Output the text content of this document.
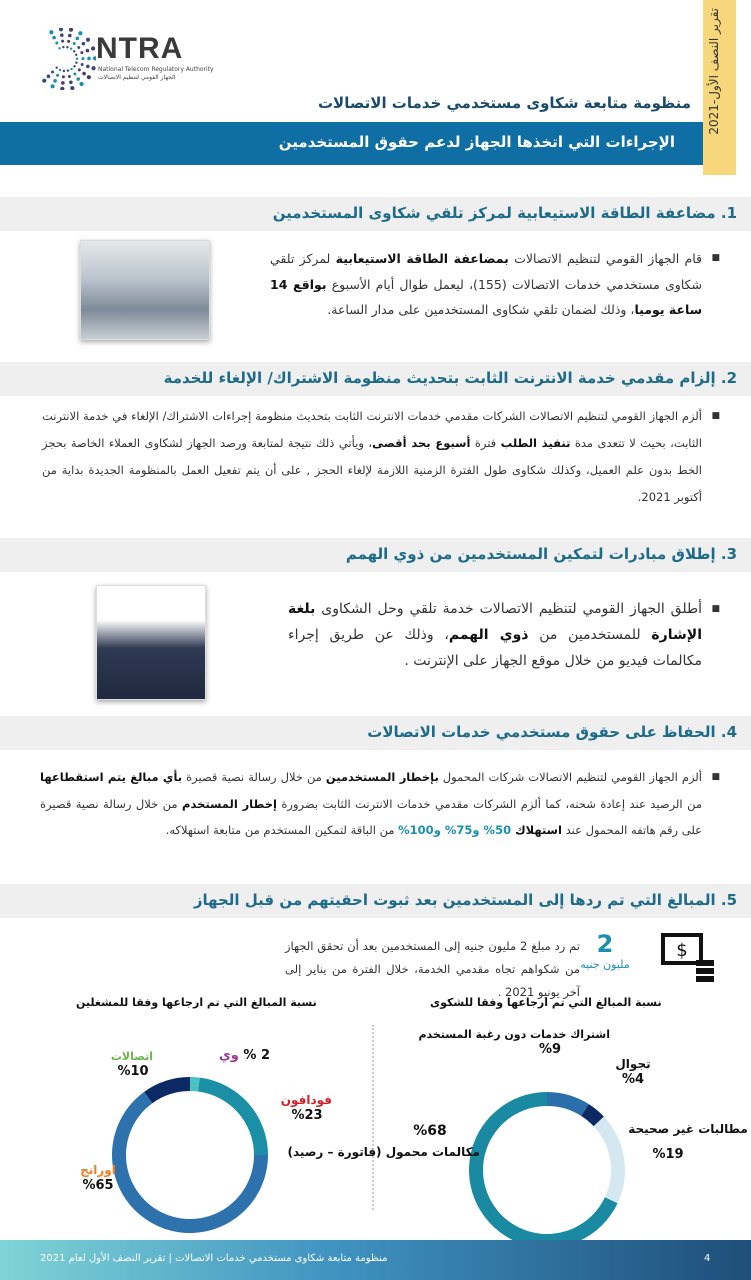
تقرير النصف الأول-2021
NTRA
National Telecom Regulatory Authority
الجهاز القومي لتنظيم الاتصالات
منظومة متابعة شكاوى مستخدمي خدمات الاتصالات
الإجراءات التي اتخذها الجهاز لدعم حقوق المستخدمين
1. مضاعفة الطاقة الاستيعابية لمركز تلقي شكاوى المستخدمين
■
قام الجهاز القومي لتنظيم الاتصالات بمضاعفة الطاقة الاستيعابية لمركز تلقي شكاوى مستخدمي خدمات الاتصالات (155)، ليعمل طوال أيام الأسبوع بواقع 14 ساعة يوميا، وذلك لضمان تلقي شكاوى المستخدمين على مدار الساعة.
2. إلزام مقدمي خدمة الانترنت الثابت بتحديث منظومة الاشتراك/ الإلغاء للخدمة
■
ألزم الجهاز القومي لتنظيم الاتصالات الشركات مقدمي خدمات الانترنت الثابت بتحديث منظومة إجراءات الاشتراك/ الإلغاء في خدمة الانترنت الثابت، بحيث لا تتعدى مدة تنفيذ الطلب فترة أسبوع بحد أقصى، ويأتي ذلك نتيجة لمتابعة ورصد الجهاز لشكاوى العملاء الخاصة بحجز الخط بدون علم العميل، وكذلك شكاوى طول الفترة الزمنية اللازمة لإلغاء الحجز , على أن يتم تفعيل العمل بالمنظومة الجديدة بداية من أكتوبر 2021.
3. إطلاق مبادرات لتمكين المستخدمين من ذوي الهمم
■
أطلق الجهاز القومي لتنظيم الاتصالات خدمة تلقي وحل الشكاوى بلغة الإشارة للمستخدمين من ذوي الهمم، وذلك عن طريق إجراء مكالمات فيديو من خلال موقع الجهاز على الإنترنت .
4. الحفاظ على حقوق مستخدمي خدمات الاتصالات
■
ألزم الجهاز القومي لتنظيم الاتصالات شركات المحمول بإخطار المستخدمين من خلال رسالة نصية قصيرة بأي مبالغ يتم استقطاعها من الرصيد عند إعادة شحنه، كما ألزم الشركات مقدمي خدمات الانترنت الثابت بضرورة إخطار المستخدم من خلال رسالة نصية قصيرة على رقم هاتفه المحمول عند استهلاك 50% و75% و100% من الباقة لتمكين المستخدم من متابعة استهلاكه.
5. المبالغ التي تم ردها إلى المستخدمين بعد ثبوت احقيتهم من قبل الجهاز
$
2
مليون جنيه
تم رد مبلغ 2 مليون جنيه إلى المستخدمين بعد أن تحقق الجهاز من شكواهم تجاه مقدمي الخدمة، خلال الفترة من يناير إلى آخر يونيو 2021 .
نسبة المبالغ التي تم ارجاعها وفقا للشكوى
نسبة المبالغ التي تم ارجاعها وفقا للمشغلين
اشتراك خدمات دون رغبة المستخدم
%9
تجوال
%4
مطالبات غير صحيحة
%19
%68
مكالمات محمول (فاتورة – رصيد)
2 % وي
فودافون
%23
اورانج
%65
اتصالات
%10
منظومة متابعة شكاوى مستخدمي خدمات الاتصالات | تقرير النصف الأول لعام 2021	4
